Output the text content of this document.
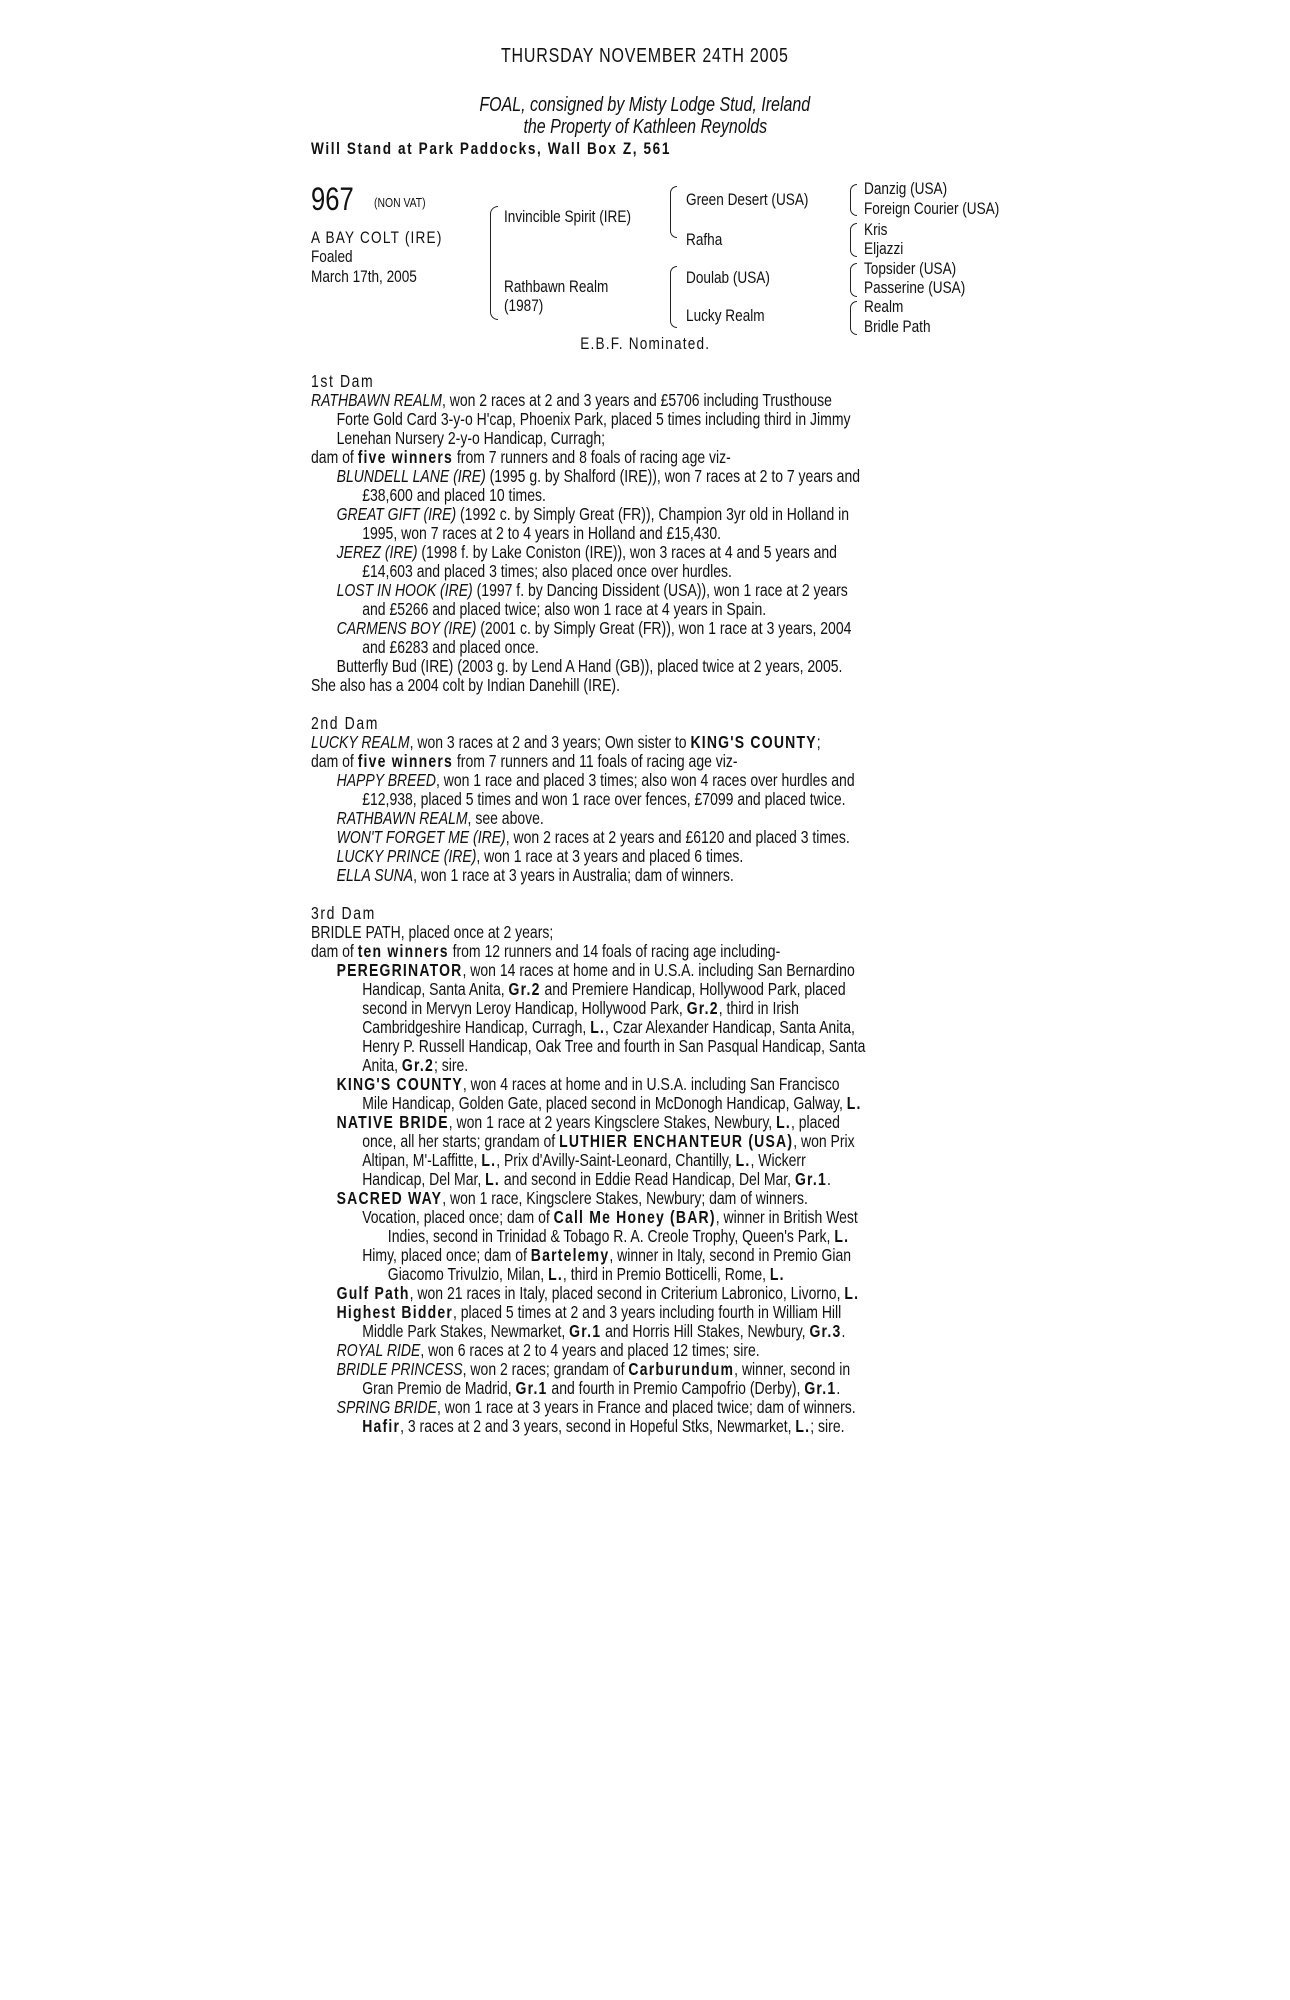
THURSDAY NOVEMBER 24TH 2005
FOAL, consigned by Misty Lodge Stud, Ireland
the Property of Kathleen Reynolds
Will Stand at Park Paddocks, Wall Box Z, 561
967	(NON VAT)
A BAY COLT (IRE)
Foaled
March 17th, 2005
Invincible Spirit (IRE)
Rathbawn Realm
(1987)
Green Desert (USA)
Rafha
Doulab (USA)
Lucky Realm
Danzig (USA)
Foreign Courier (USA)
Kris
Eljazzi
Topsider (USA)
Passerine (USA)
Realm
Bridle Path
E.B.F. Nominated.
1st Dam
RATHBAWN REALM, won 2 races at 2 and 3 years and £5706 including Trusthouse
Forte Gold Card 3-y-o H'cap, Phoenix Park, placed 5 times including third in Jimmy
Lenehan Nursery 2-y-o Handicap, Curragh;
dam of five winners from 7 runners and 8 foals of racing age viz-
BLUNDELL LANE (IRE) (1995 g. by Shalford (IRE)), won 7 races at 2 to 7 years and
£38,600 and placed 10 times.
GREAT GIFT (IRE) (1992 c. by Simply Great (FR)), Champion 3yr old in Holland in
1995, won 7 races at 2 to 4 years in Holland and £15,430.
JEREZ (IRE) (1998 f. by Lake Coniston (IRE)), won 3 races at 4 and 5 years and
£14,603 and placed 3 times; also placed once over hurdles.
LOST IN HOOK (IRE) (1997 f. by Dancing Dissident (USA)), won 1 race at 2 years
and £5266 and placed twice; also won 1 race at 4 years in Spain.
CARMENS BOY (IRE) (2001 c. by Simply Great (FR)), won 1 race at 3 years, 2004
and £6283 and placed once.
Butterfly Bud (IRE) (2003 g. by Lend A Hand (GB)), placed twice at 2 years, 2005.
She also has a 2004 colt by Indian Danehill (IRE).
2nd Dam
LUCKY REALM, won 3 races at 2 and 3 years; Own sister to KING'S COUNTY;
dam of five winners from 7 runners and 11 foals of racing age viz-
HAPPY BREED, won 1 race and placed 3 times; also won 4 races over hurdles and
£12,938, placed 5 times and won 1 race over fences, £7099 and placed twice.
RATHBAWN REALM, see above.
WON'T FORGET ME (IRE), won 2 races at 2 years and £6120 and placed 3 times.
LUCKY PRINCE (IRE), won 1 race at 3 years and placed 6 times.
ELLA SUNA, won 1 race at 3 years in Australia; dam of winners.
3rd Dam
BRIDLE PATH, placed once at 2 years;
dam of ten winners from 12 runners and 14 foals of racing age including-
PEREGRINATOR, won 14 races at home and in U.S.A. including San Bernardino
Handicap, Santa Anita, Gr.2 and Premiere Handicap, Hollywood Park, placed
second in Mervyn Leroy Handicap, Hollywood Park, Gr.2, third in Irish
Cambridgeshire Handicap, Curragh, L., Czar Alexander Handicap, Santa Anita,
Henry P. Russell Handicap, Oak Tree and fourth in San Pasqual Handicap, Santa
Anita, Gr.2; sire.
KING'S COUNTY, won 4 races at home and in U.S.A. including San Francisco
Mile Handicap, Golden Gate, placed second in McDonogh Handicap, Galway, L.
NATIVE BRIDE, won 1 race at 2 years Kingsclere Stakes, Newbury, L., placed
once, all her starts; grandam of LUTHIER ENCHANTEUR (USA), won Prix
Altipan, M'-Laffitte, L., Prix d'Avilly-Saint-Leonard, Chantilly, L., Wickerr
Handicap, Del Mar, L. and second in Eddie Read Handicap, Del Mar, Gr.1.
SACRED WAY, won 1 race, Kingsclere Stakes, Newbury; dam of winners.
Vocation, placed once; dam of Call Me Honey (BAR), winner in British West
Indies, second in Trinidad & Tobago R. A. Creole Trophy, Queen's Park, L.
Himy, placed once; dam of Bartelemy, winner in Italy, second in Premio Gian
Giacomo Trivulzio, Milan, L., third in Premio Botticelli, Rome, L.
Gulf Path, won 21 races in Italy, placed second in Criterium Labronico, Livorno, L.
Highest Bidder, placed 5 times at 2 and 3 years including fourth in William Hill
Middle Park Stakes, Newmarket, Gr.1 and Horris Hill Stakes, Newbury, Gr.3.
ROYAL RIDE, won 6 races at 2 to 4 years and placed 12 times; sire.
BRIDLE PRINCESS, won 2 races; grandam of Carburundum, winner, second in
Gran Premio de Madrid, Gr.1 and fourth in Premio Campofrio (Derby), Gr.1.
SPRING BRIDE, won 1 race at 3 years in France and placed twice; dam of winners.
Hafir, 3 races at 2 and 3 years, second in Hopeful Stks, Newmarket, L.; sire.
